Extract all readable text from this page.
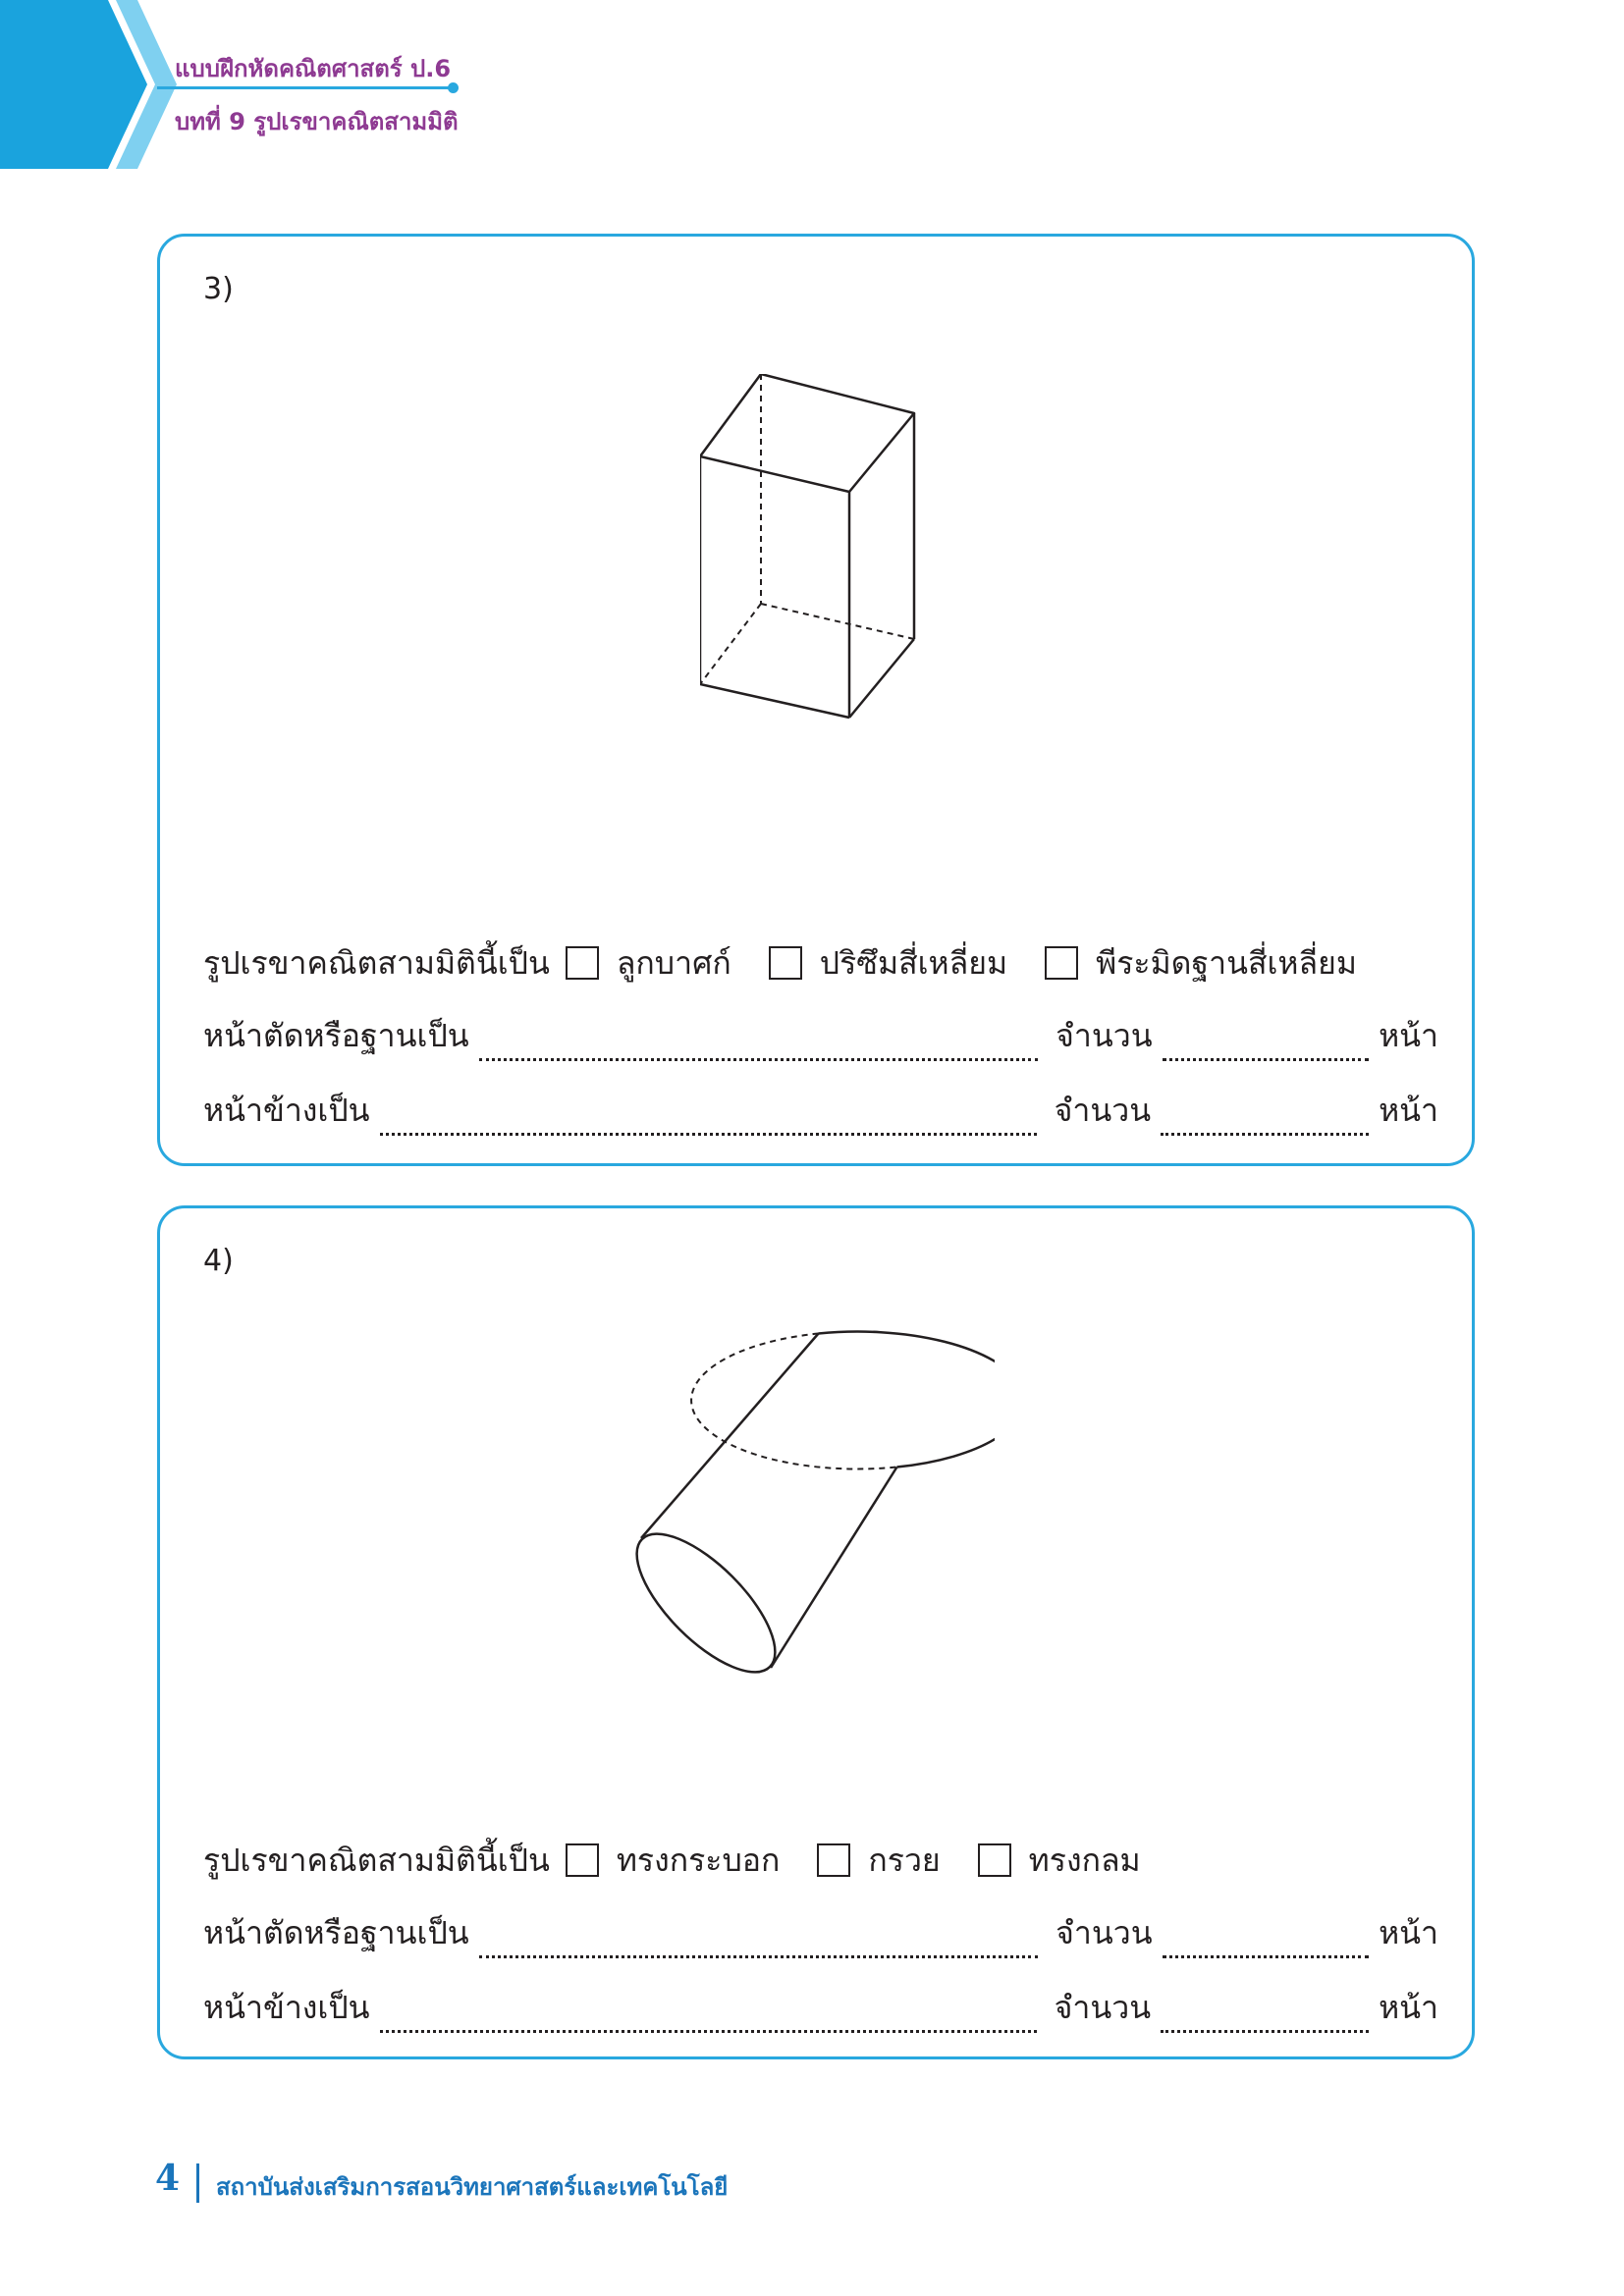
แบบฝึกหัดคณิตศาสตร์ ป.6
บทที่ 9 รูปเรขาคณิตสามมิติ
3)
รูปเรขาคณิตสามมิตินี้เป็น ลูกบาศก์	ปริซึมสี่เหลี่ยม	พีระมิดฐานสี่เหลี่ยม
หน้าตัดหรือฐานเป็น	จำนวน	หน้า
หน้าข้างเป็น	จำนวน	หน้า
4)
รูปเรขาคณิตสามมิตินี้เป็น ทรงกระบอก	กรวย	ทรงกลม
หน้าตัดหรือฐานเป็น	จำนวน	หน้า
หน้าข้างเป็น	จำนวน	หน้า
4 สถาบันส่งเสริมการสอนวิทยาศาสตร์และเทคโนโลยี
